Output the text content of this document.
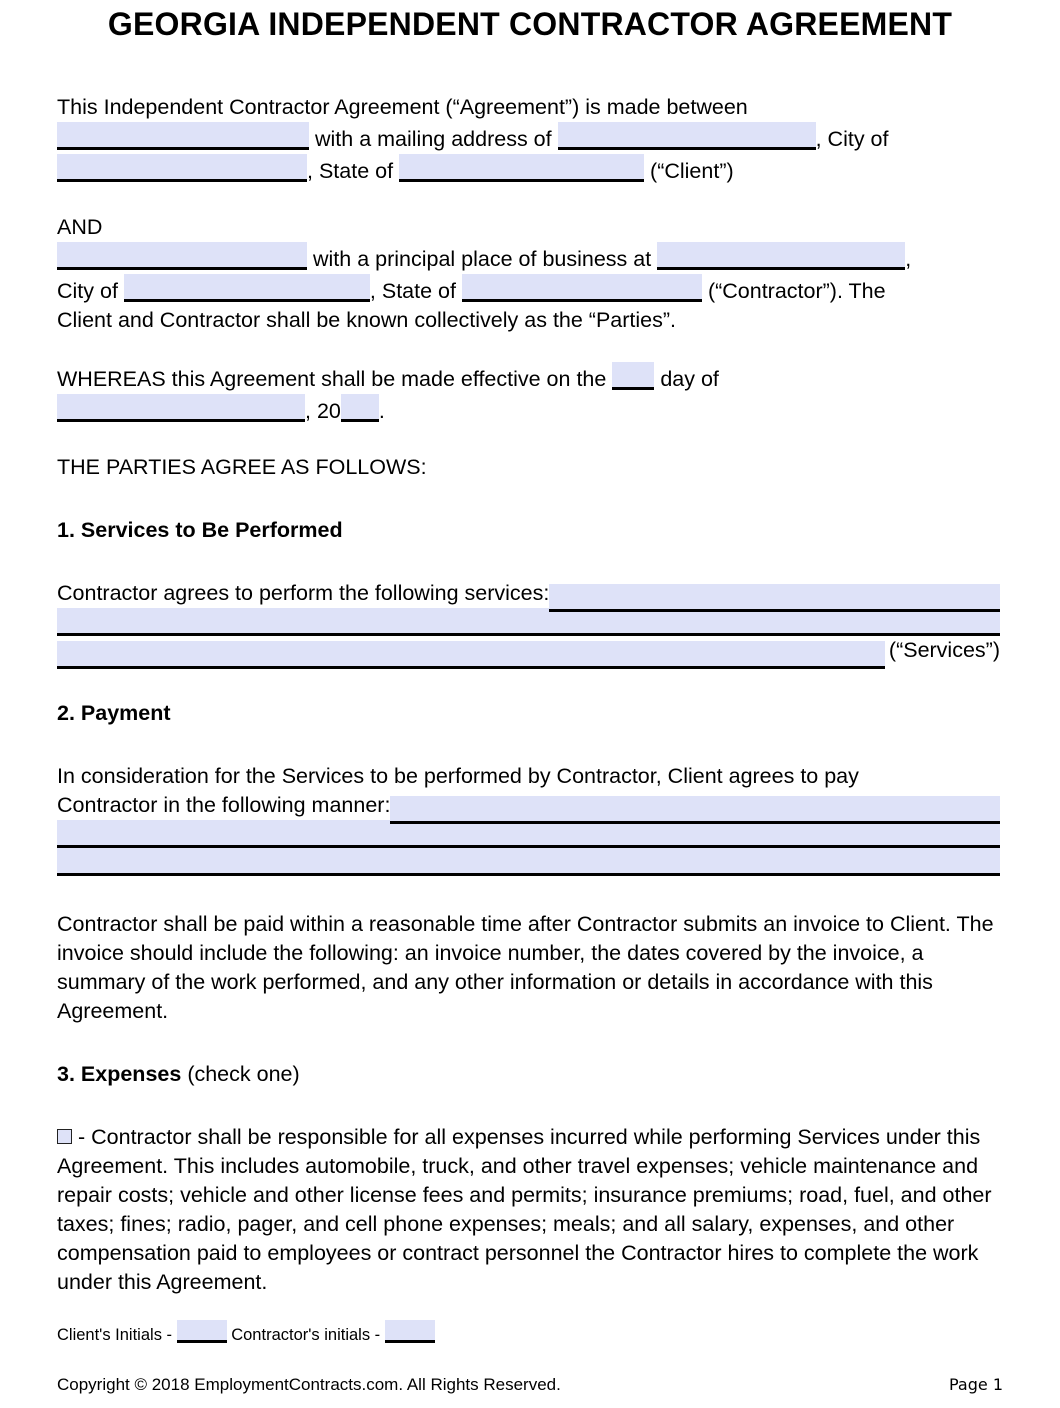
GEORGIA INDEPENDENT CONTRACTOR AGREEMENT
This Independent Contractor Agreement (“Agreement”) is made between
with a mailing address of	, City of
, State of	(“Client”)
AND
with a principal place of business at	,
City of	, State of	(“Contractor”). The
Client and Contractor shall be known collectively as the “Parties”.
WHEREAS this Agreement shall be made effective on the	day of
, 20 .
THE PARTIES AGREE AS FOLLOWS:
1. Services to Be Performed
Contractor agrees to perform the following services:
(“Services”)
2. Payment
In consideration for the Services to be performed by Contractor, Client agrees to pay
Contractor in the following manner:
Contractor shall be paid within a reasonable time after Contractor submits an invoice to Client. The invoice should include the following: an invoice number, the dates covered by the invoice, a summary of the work performed, and any other information or details in accordance with this Agreement.
3. Expenses (check one)
- Contractor shall be responsible for all expenses incurred while performing Services under this Agreement. This includes automobile, truck, and other travel expenses; vehicle maintenance and repair costs; vehicle and other license fees and permits; insurance premiums; road, fuel, and other taxes; fines; radio, pager, and cell phone expenses; meals; and all salary, expenses, and other compensation paid to employees or contract personnel the Contractor hires to complete the work under this Agreement.
Client's Initials -	Contractor's initials -
Copyright © 2018 EmploymentContracts.com. All Rights Reserved.	Page 1
